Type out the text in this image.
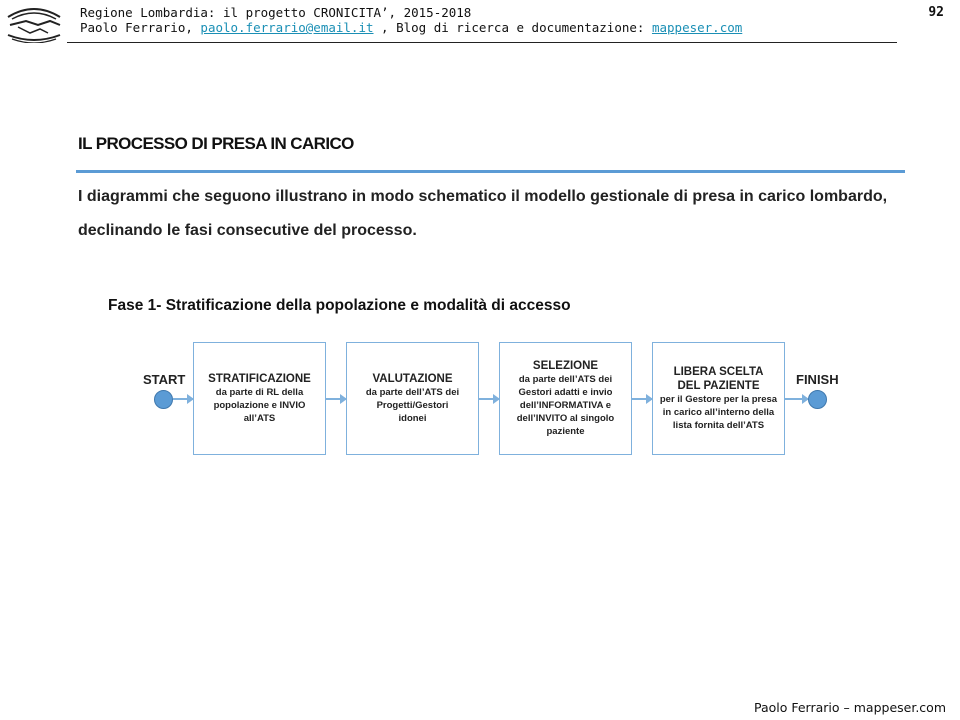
Regione Lombardia: il progetto CRONICITA’, 2015-2018
Paolo Ferrario, paolo.ferrario@email.it , Blog di ricerca e documentazione: mappeser.com
92
IL PROCESSO DI PRESA IN CARICO
I diagrammi che seguono illustrano in modo schematico il modello gestionale di presa in carico lombardo, declinando le fasi consecutive del processo.
Fase 1- Stratificazione della popolazione e modalità di accesso
START STRATIFICAZIONE
da parte di RL della popolazione e INVIO all’ATS
VALUTAZIONE
da parte dell’ATS dei Progetti/Gestori idonei
SELEZIONE
da parte dell’ATS dei Gestori adatti e invio dell’INFORMATIVA e dell’INVITO al singolo paziente
LIBERA SCELTA DEL PAZIENTE
per il Gestore per la presa in carico all’interno della lista fornita dell’ATS
FINISH
Paolo Ferrario – mappeser.com
